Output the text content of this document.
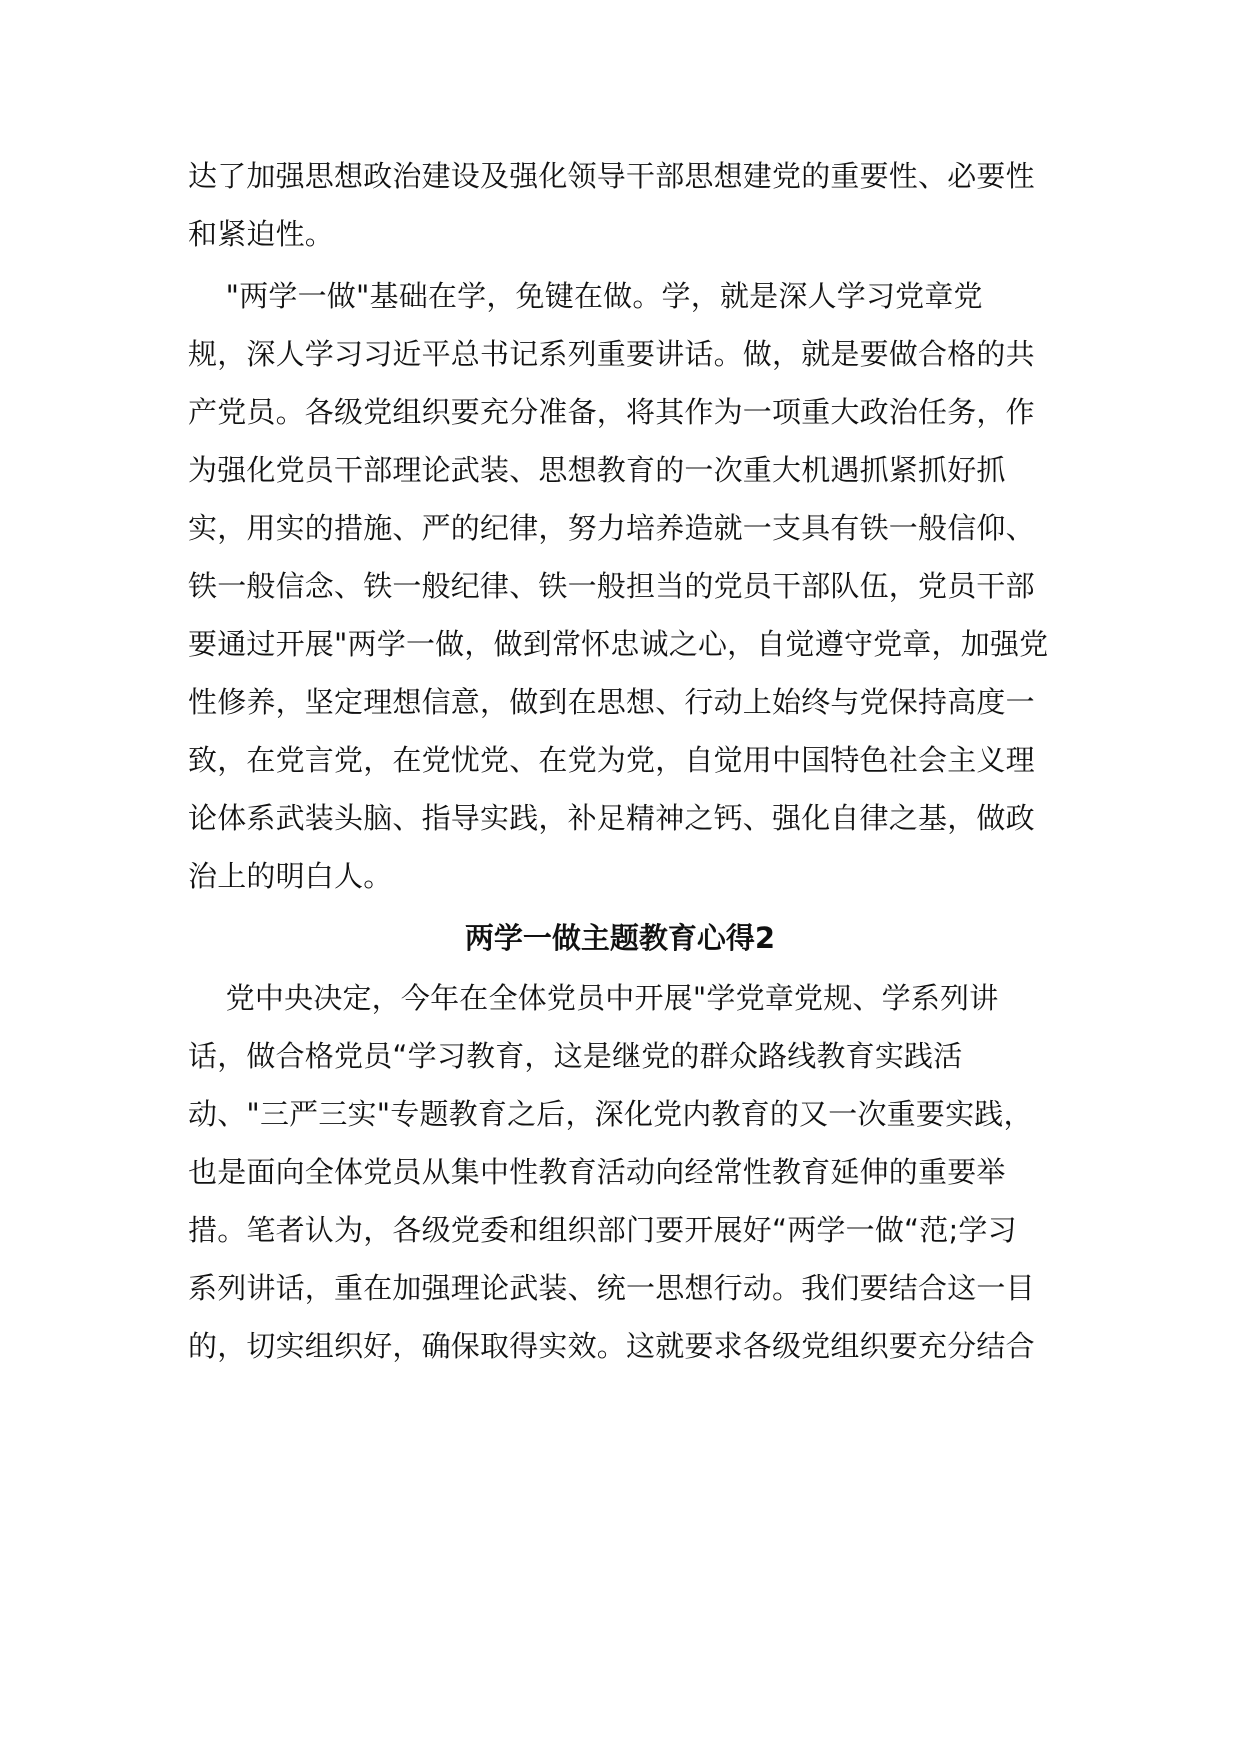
达了加强思想政治建设及强化领导干部思想建党的重要性、必要性
和紧迫性。
"两学一做"基础在学，免键在做。学，就是深人学习党章党
规，深人学习习近平总书记系列重要讲话。做，就是要做合格的共
产党员。各级党组织要充分准备，将其作为一项重大政治任务，作
为强化党员干部理论武装、思想教育的一次重大机遇抓紧抓好抓
实，用实的措施、严的纪律，努力培养造就一支具有铁一般信仰、
铁一般信念、铁一般纪律、铁一般担当的党员干部队伍，党员干部
要通过开展"两学一做，做到常怀忠诚之心，自觉遵守党章，加强党
性修养，坚定理想信意，做到在思想、行动上始终与党保持高度一
致，在党言党，在党忧党、在党为党，自觉用中国特色社会主义理
论体系武装头脑、指导实践，补足精神之钙、强化自律之基，做政
治上的明白人。
两学一做主题教育心得2
党中央决定，今年在全体党员中开展"学党章党规、学系列讲
话，做合格党员“学习教育，这是继党的群众路线教育实践活
动、"三严三实"专题教育之后，深化党内教育的又一次重要实践，
也是面向全体党员从集中性教育活动向经常性教育延伸的重要举
措。笔者认为，各级党委和组织部门要开展好“两学一做“范;学习
系列讲话，重在加强理论武装、统一思想行动。我们要结合这一目
的，切实组织好，确保取得实效。这就要求各级党组织要充分结合
